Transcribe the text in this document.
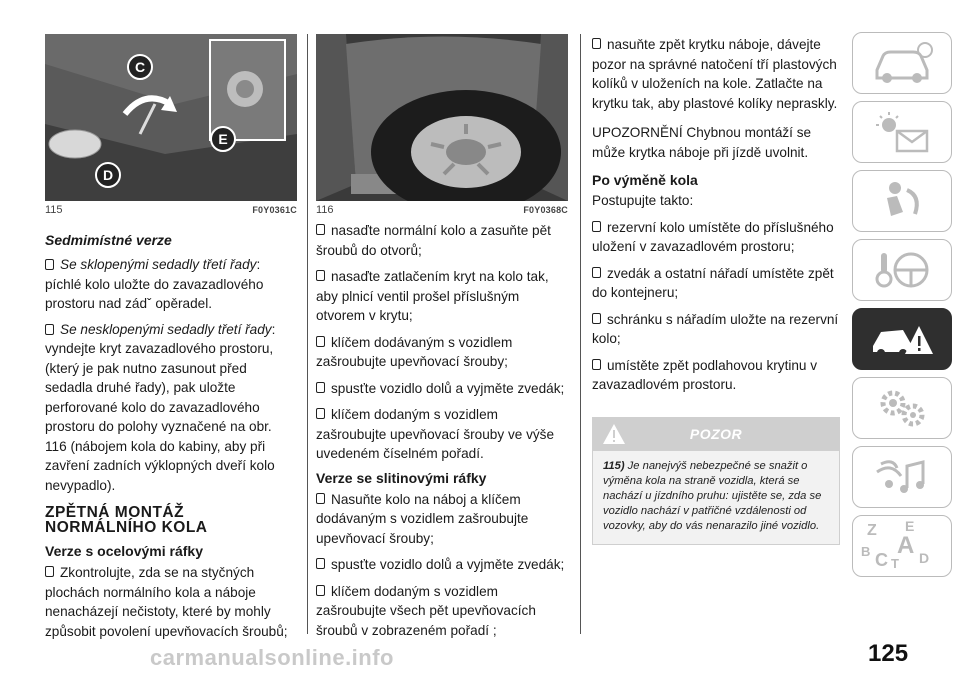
C
E
D
115	F0Y0361C
Sedmimístné verze

Se sklopenými sedadly třetí řady :

píchlé kolo uložte do zavazadlového prostoru nad zádˇ opěradel.

Se nesklopenými sedadly třetí řady :

vyndejte kryt zavazadlového prostoru, (který je pak nutno zasunout před sedadla druhé řady), pak uložte perforované kolo do zavazadlového prostoru do polohy vyznačené na obr. 116 (nábojem kola do kabiny, aby při zavření zadních výklopných dveří kolo nevypadlo).

ZPĚTNÁ MONTÁŽ
NORMÁLNÍHO KOLA
Verze s ocelovými ráfky

Zkontrolujte, zda se na styčných plochách normálního kola a náboje nenacházejí nečistoty, které by mohly způsobit povolení upevňovacích šroubů;

116	F0Y0368C

nasaďte normální kolo a zasuňte pět šroubů do otvorů;

nasaďte zatlačením kryt na kolo tak, aby plnicí ventil prošel příslušným otvorem v krytu;

klíčem dodávaným s vozidlem zašroubujte upevňovací šrouby;

spusťte vozidlo dolů a vyjměte zvedák;

klíčem dodaným s vozidlem zašroubujte upevňovací šrouby ve výše uvedeném číselném pořadí.

Verze se slitinovými ráfky

Nasuňte kolo na náboj a klíčem dodávaným s vozidlem zašroubujte upevňovací šrouby;

spusťte vozidlo dolů a vyjměte zvedák;

klíčem dodaným s vozidlem zašroubujte všech pět upevňovacích šroubů v zobrazeném pořadí ;

nasuňte zpět krytku náboje, dávejte pozor na správné natočení tří plastových kolíků v uloženích na kole. Zatlačte na krytku tak, aby plastové kolíky nepraskly.

UPOZORNĚNÍ Chybnou montáží se může krytka náboje při jízdě uvolnit.

Po výměně kola

Postupujte takto:

rezervní kolo umístěte do příslušného uložení v zavazadlovém prostoru;

zvedák a ostatní nářadí umístěte zpět do kontejneru;

schránku s nářadím uložte na rezervní kolo;

umístěte zpět podlahovou krytinu v zavazadlovém prostoru.

POZOR
115) Je nanejvýš nebezpečné se snažit o výměna kola na straně vozidla, která se nachází u jízdního pruhu: ujistěte se, zda se vozidlo nachází v patřičné vzdálenosti od vozovky, aby do vás nenarazilo jiné vozidlo.	Z E
B A
C T D
carmanualsonline.info	125
